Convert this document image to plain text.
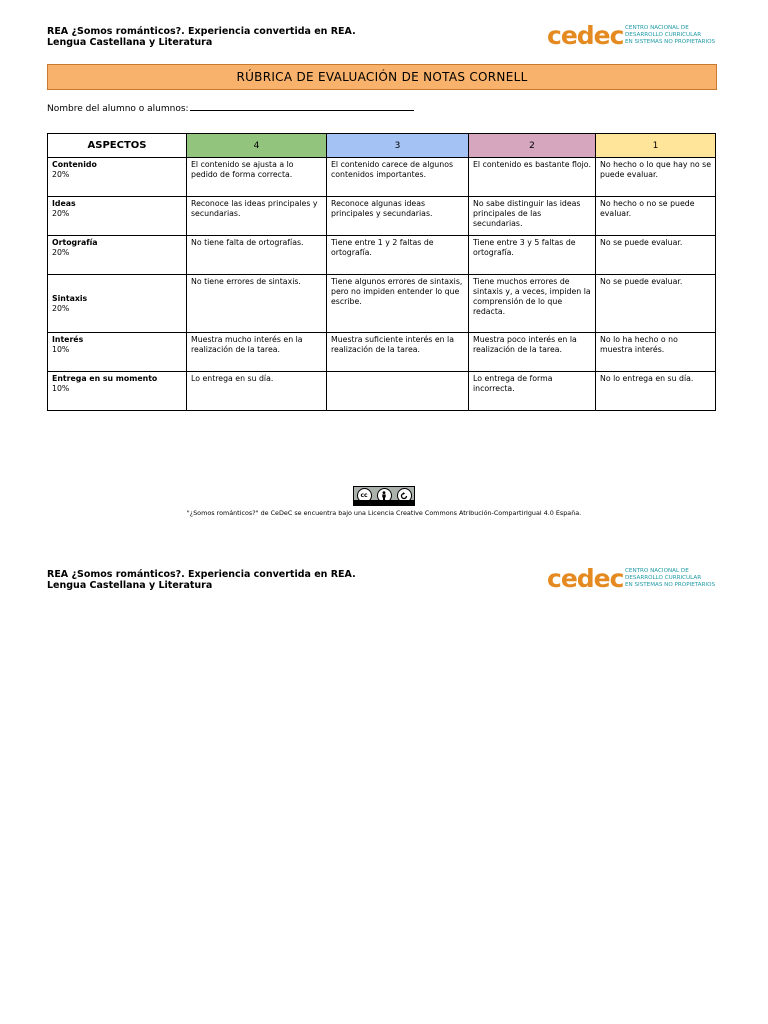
REA ¿Somos románticos?. Experiencia convertida en REA.
Lengua Castellana y Literatura	cedec CENTRO NACIONAL DE
DESARROLLO CURRICULAR
EN SISTEMAS NO PROPIETARIOS
RÚBRICA DE EVALUACIÓN DE NOTAS CORNELL
Nombre del alumno o alumnos:
ASPECTOS	4	3	2	1

Contenido
20%	El contenido se ajusta a lo pedido de forma correcta.	El contenido carece de algunos contenidos importantes.	El contenido es bastante flojo.	No hecho o lo que hay no se puede evaluar.

Ideas
20%	Reconoce las ideas principales y secundarias.	Reconoce algunas ideas principales y secundarias.	No sabe distinguir las ideas principales de las secundarias.	No hecho o no se puede evaluar.

Ortografía
20%	No tiene falta de ortografías.	Tiene entre 1 y 2 faltas de ortografía.	Tiene entre 3 y 5 faltas de ortografía.	No se puede evaluar.

Sintaxis
20%	No tiene errores de sintaxis.	Tiene algunos errores de sintaxis, pero no impiden entender lo que escribe.	Tiene muchos errores de sintaxis y, a veces, impiden la comprensión de lo que redacta.	No se puede evaluar.

Interés
10%	Muestra mucho interés en la realización de la tarea.	Muestra suficiente interés en la realización de la tarea.	Muestra poco interés en la realización de la tarea.	No lo ha hecho o no muestra interés.

Entrega en su momento
10%	Lo entrega en su día.		Lo entrega de forma incorrecta.	No lo entrega en su día.
cc
"¿Somos románticos?" de CeDeC se encuentra bajo una Licencia Creative Commons Atribución-CompartirIgual 4.0 España.
REA ¿Somos románticos?. Experiencia convertida en REA.
Lengua Castellana y Literatura	cedec CENTRO NACIONAL DE
DESARROLLO CURRICULAR
EN SISTEMAS NO PROPIETARIOS
